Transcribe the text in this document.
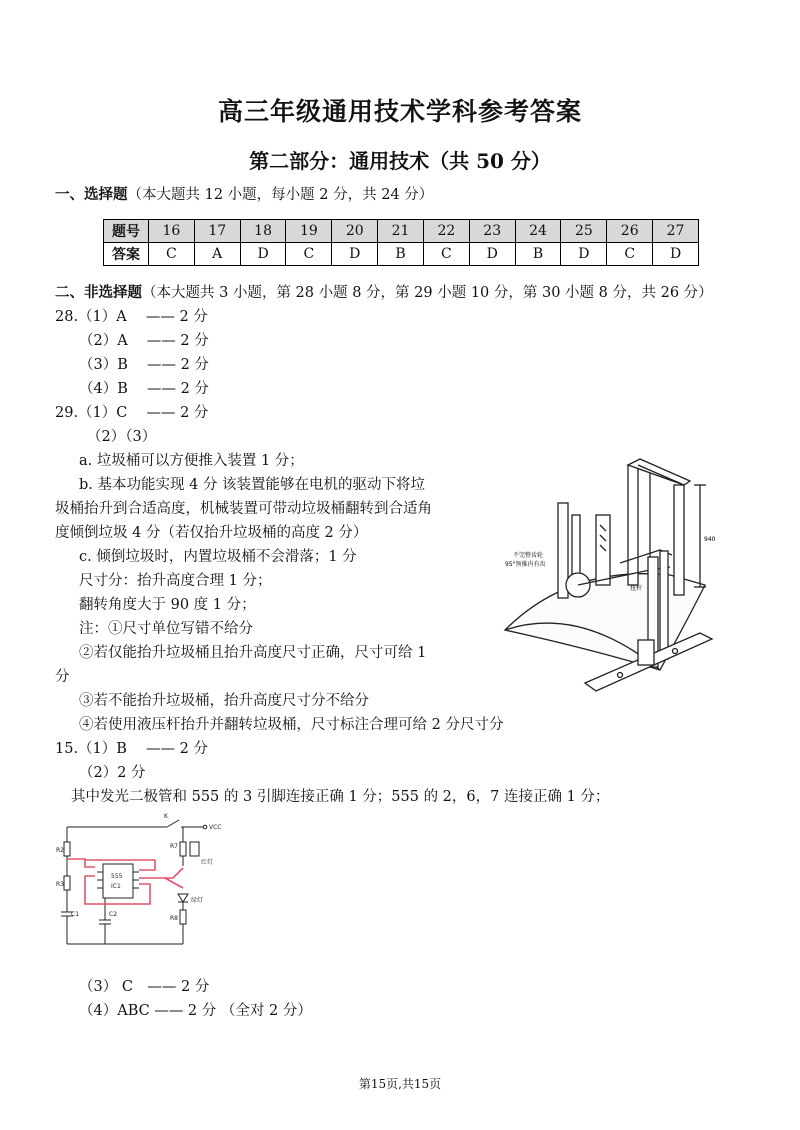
高三年级通用技术学科参考答案
第二部分：通用技术（共 50 分）
一、选择题（本大题共 12 小题，每小题 2 分，共 24 分）
题号	16	17	18	19	20	21	22	23	24	25	26	27
答案	C	A	D	C	D	B	C	D	B	D	C	D
二、非选择题（本大题共 3 小题，第 28 小题 8 分，第 29 小题 10 分，第 30 小题 8 分，共 26 分）
28.（1）A　 —— 2 分
（2）A　 —— 2 分
（3）B　 —— 2 分
（4）B　 —— 2 分
29.（1）C　 —— 2 分
（2）（3）
a. 垃圾桶可以方便推入装置 1 分；
b. 基本功能实现 4 分 该装置能够在电机的驱动下将垃
圾桶抬升到合适高度，机械装置可带动垃圾桶翻转到合适角
度倾倒垃圾 4 分（若仅抬升垃圾桶的高度 2 分）
c. 倾倒垃圾时，内置垃圾桶不会滑落；1 分
尺寸分：抬升高度合理 1 分；
翻转角度大于 90 度 1 分；
注：①尺寸单位写错不给分
②若仅能抬升垃圾桶且抬升高度尺寸正确，尺寸可给 1
分
③若不能抬升垃圾桶，抬升高度尺寸分不给分
④若使用液压杆抬升并翻转垃圾桶，尺寸标注合理可给 2 分尺寸分
15.（1）B　 —— 2 分
（2）2 分
其中发光二极管和 555 的 3 引脚连接正确 1 分；555 的 2，6，7 连接正确 1 分；
（3） C　—— 2 分
（4）ABC —— 2 分 （全对 2 分）
不完整齿轮
95°预推内有齿
扭杆
940
K
VCC
R2
R3
R7
R8
C1	C2
555
IC1
红灯
绿灯
第15页,共15页
